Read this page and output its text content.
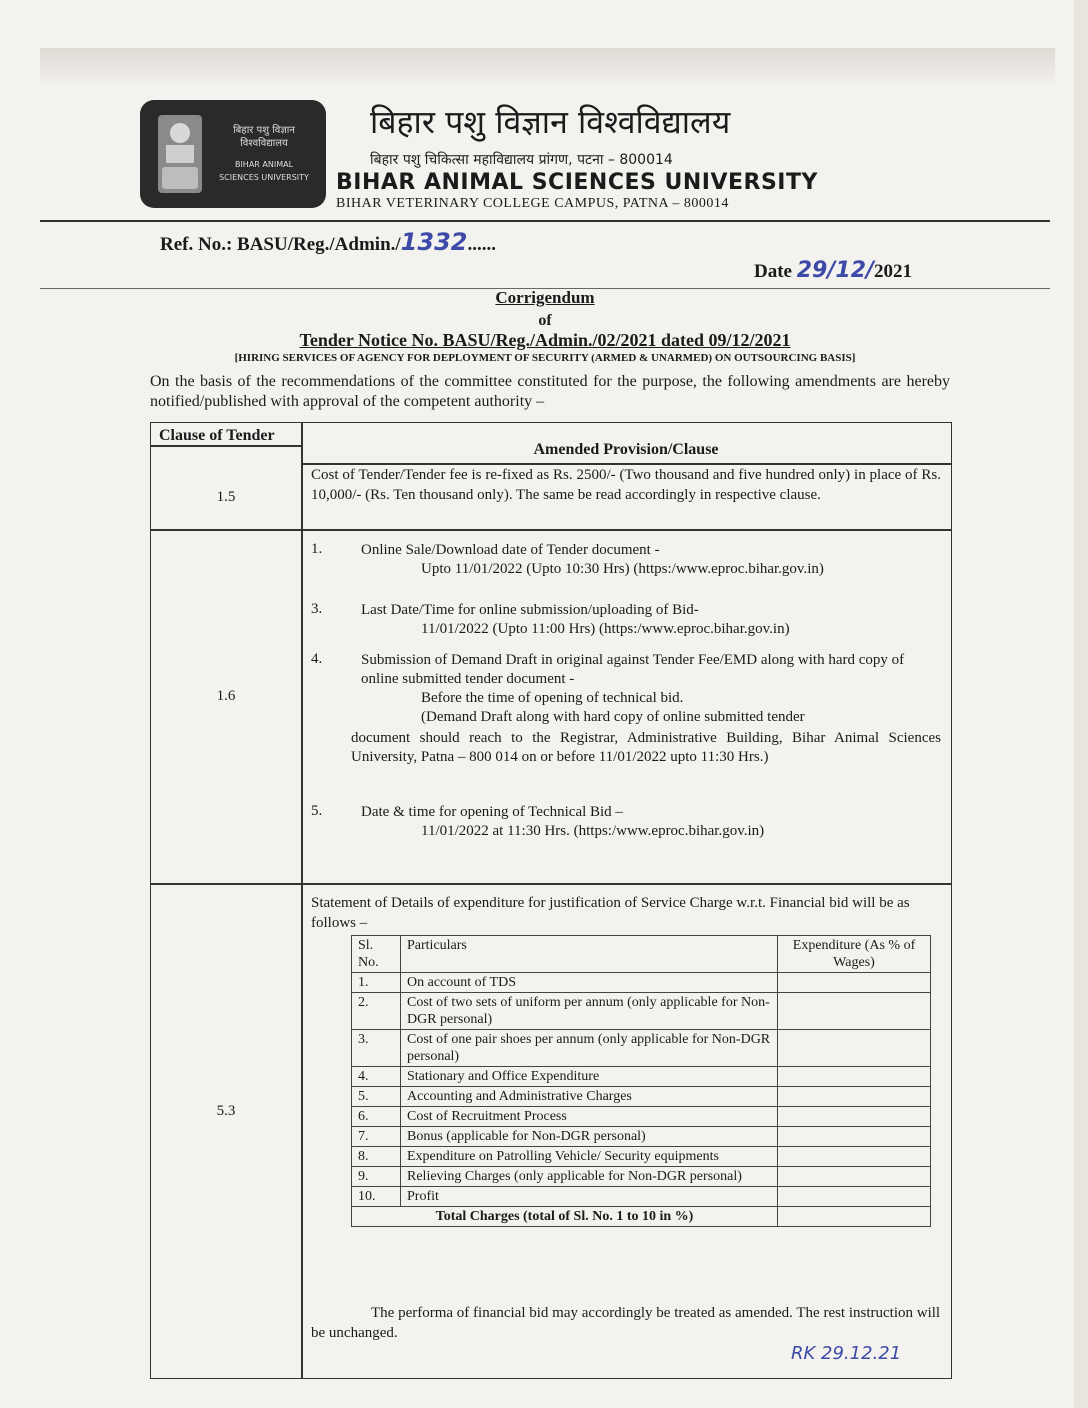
बिहार पशु विज्ञान विश्वविद्यालय
BIHAR ANIMAL SCIENCES UNIVERSITY
बिहार पशु विज्ञान विश्वविद्यालय
बिहार पशु चिकित्सा महाविद्यालय प्रांगण, पटना – 800014
BIHAR ANIMAL SCIENCES UNIVERSITY
BIHAR VETERINARY COLLEGE CAMPUS, PATNA – 800014
Ref. No.: BASU/Reg./Admin./1332......
Date 29/12/2021
Corrigendum
of
Tender Notice No. BASU/Reg./Admin./02/2021 dated 09/12/2021
[HIRING SERVICES OF AGENCY FOR DEPLOYMENT OF SECURITY (ARMED & UNARMED) ON OUTSOURCING BASIS]
On the basis of the recommendations of the committee constituted for the purpose, the following amendments are hereby notified/published with approval of the competent authority –
Clause of Tender
Amended Provision/Clause
1.5
Cost of Tender/Tender fee is re-fixed as Rs. 2500/- (Two thousand and five hundred only) in place of Rs. 10,000/- (Rs. Ten thousand only). The same be read accordingly in respective clause.
1.6
1.	Online Sale/Download date of Tender document -
Upto 11/01/2022 (Upto 10:30 Hrs) (https:/www.eproc.bihar.gov.in)
3.	Last Date/Time for online submission/uploading of Bid-
11/01/2022 (Upto 11:00 Hrs) (https:/www.eproc.bihar.gov.in)
4.	Submission of Demand Draft in original against Tender Fee/EMD along with hard copy of online submitted tender document -
Before the time of opening of technical bid.
(Demand Draft along with hard copy of online submitted tender
document should reach to the Registrar, Administrative Building, Bihar Animal Sciences University, Patna – 800 014 on or before 11/01/2022 upto 11:30 Hrs.)
5.	Date & time for opening of Technical Bid –
11/01/2022 at 11:30 Hrs. (https:/www.eproc.bihar.gov.in)
5.3
Statement of Details of expenditure for justification of Service Charge w.r.t. Financial bid will be as follows –
Sl. No.	Particulars	Expenditure (As % of Wages)
1.	On account of TDS	
2.	Cost of two sets of uniform per annum (only applicable for Non-DGR personal)	
3.	Cost of one pair shoes per annum (only applicable for Non-DGR personal)	
4.	Stationary and Office Expenditure	
5.	Accounting and Administrative Charges	
6.	Cost of Recruitment Process	
7.	Bonus (applicable for Non-DGR personal)	
8.	Expenditure on Patrolling Vehicle/ Security equipments	
9.	Relieving Charges (only applicable for Non-DGR personal)	
10.	Profit	
Total Charges (total of Sl. No. 1 to 10 in %)		
The performa of financial bid may accordingly be treated as amended. The rest instruction will be unchanged.
RK 29.12.21
